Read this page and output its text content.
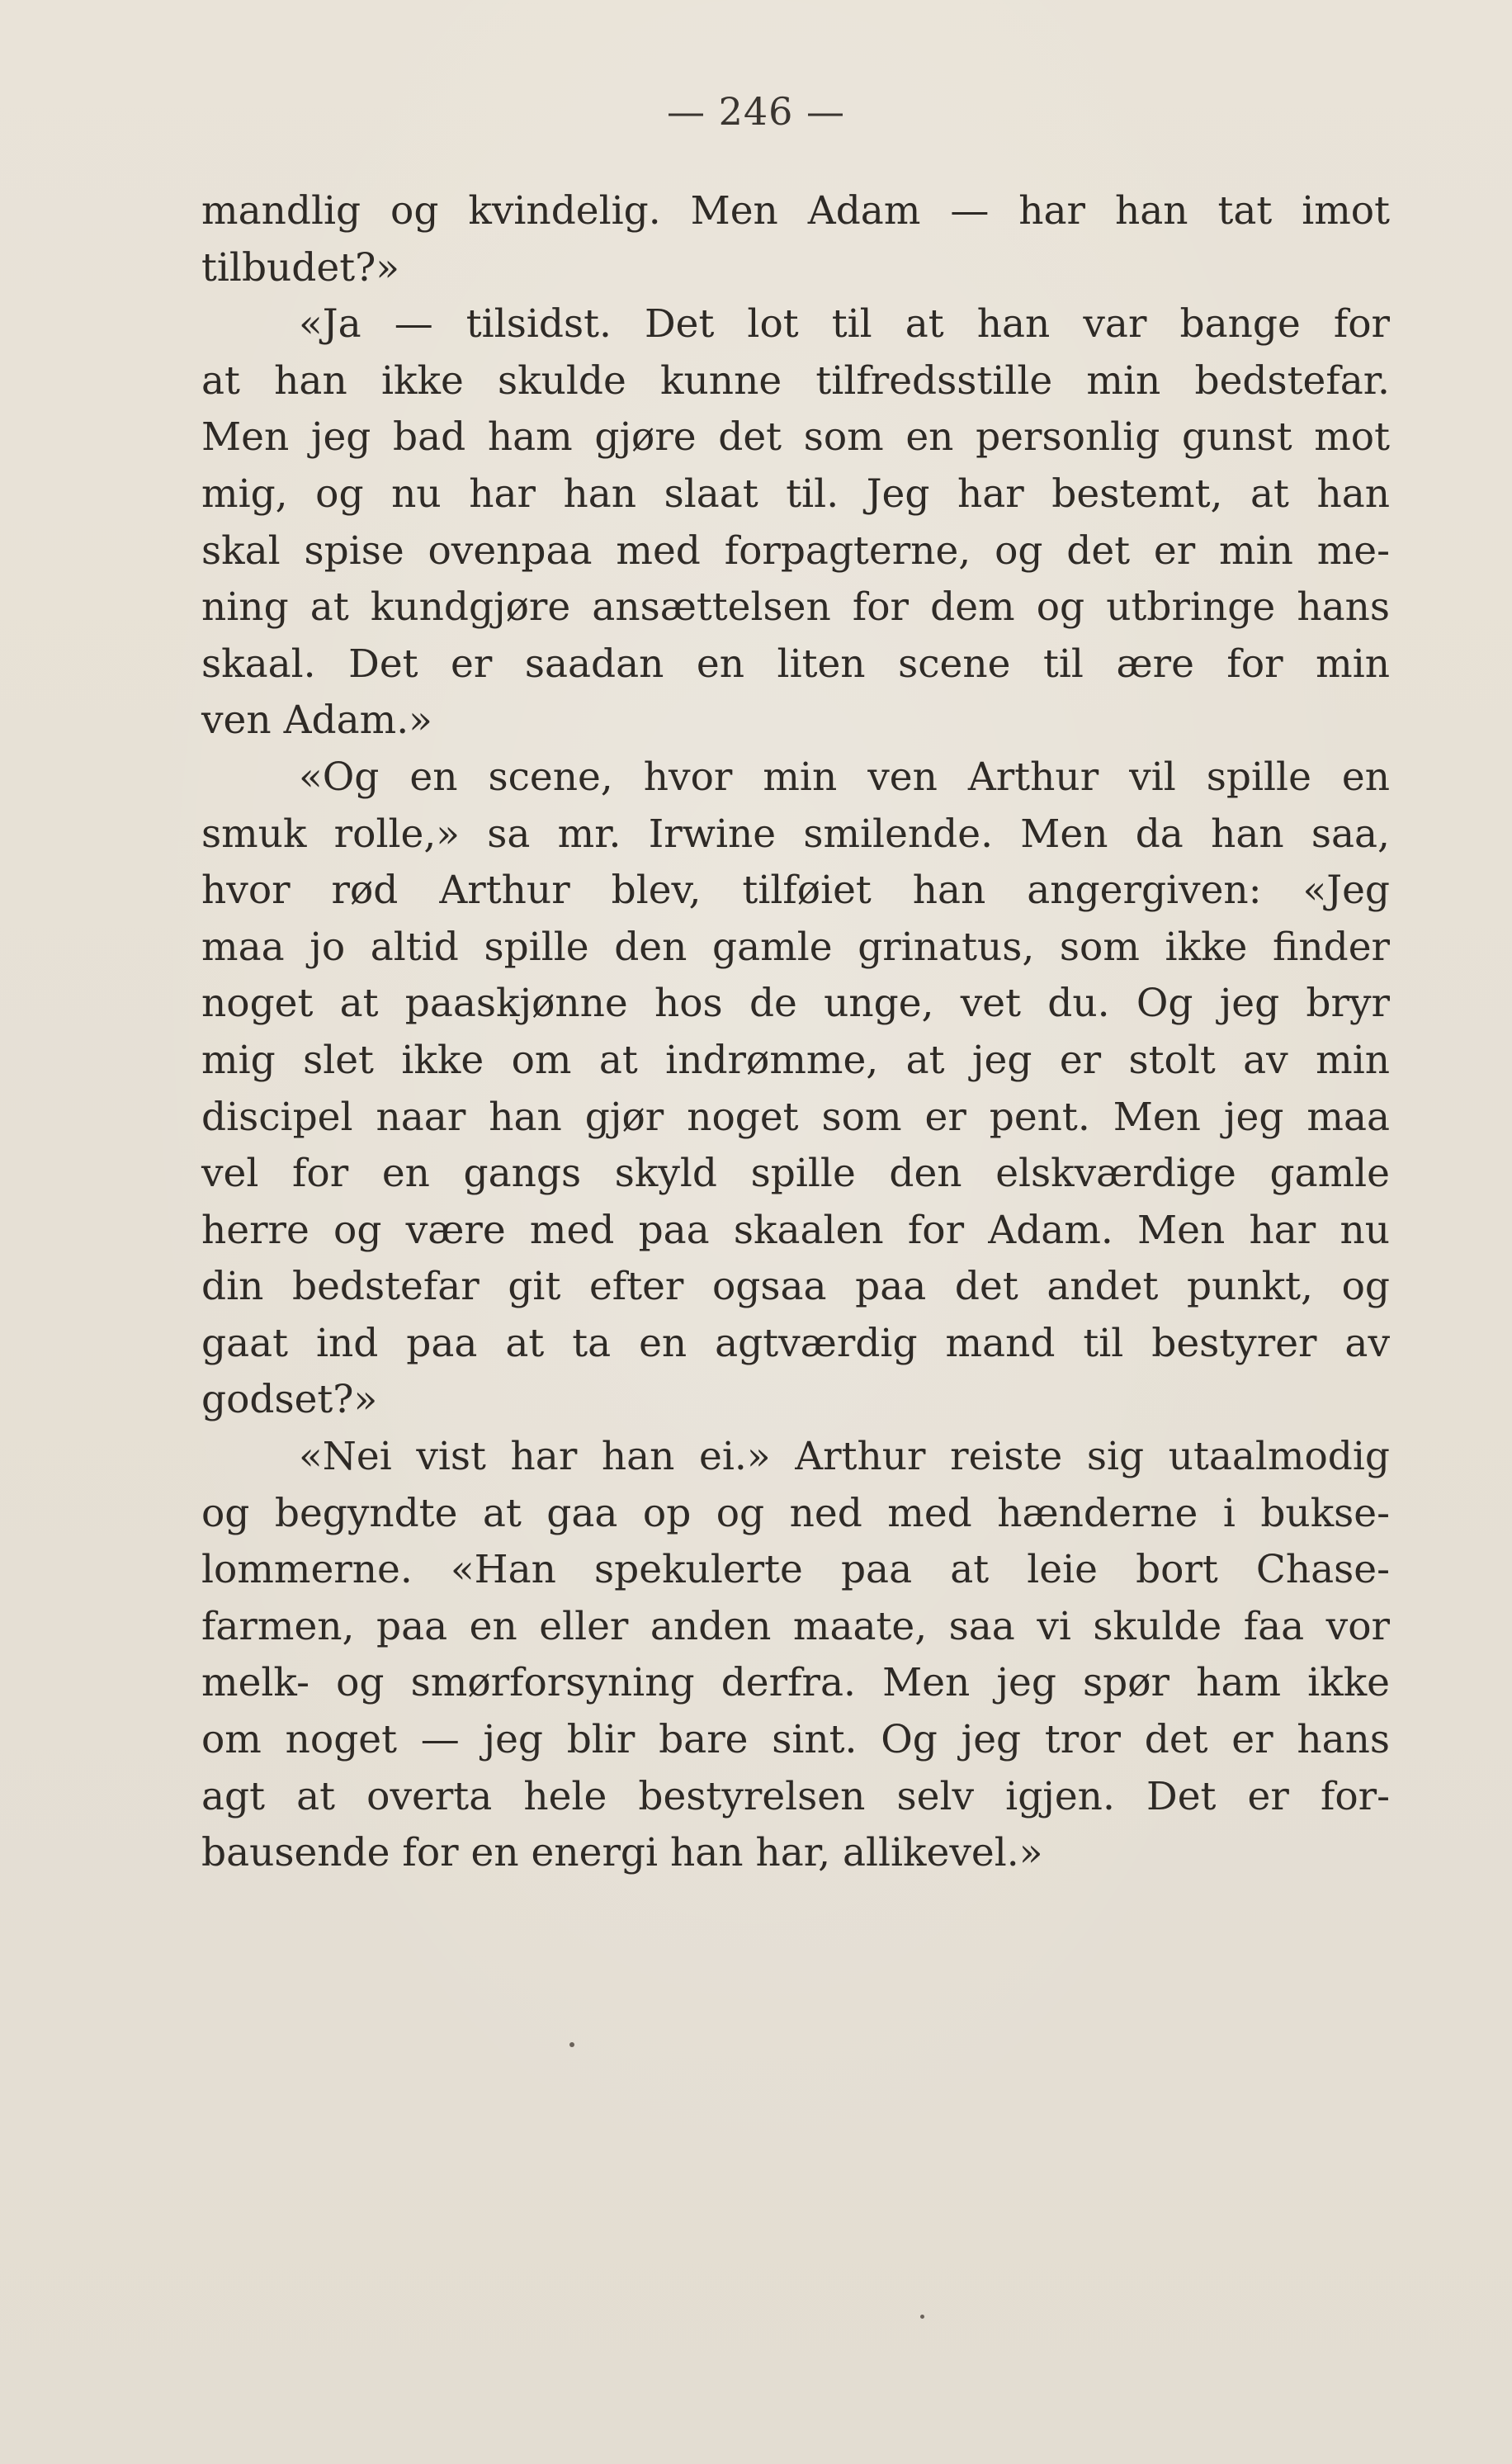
— 246 —
mandlig og kvindelig. Men Adam — har han tat imot
tilbudet?»
«Ja — tilsidst. Det lot til at han var bange for
at han ikke skulde kunne tilfredsstille min bedstefar.
Men jeg bad ham gjøre det som en personlig gunst mot
mig, og nu har han slaat til. Jeg har bestemt, at han
skal spise ovenpaa med forpagterne, og det er min me-
ning at kundgjøre ansættelsen for dem og utbringe hans
skaal. Det er saadan en liten scene til ære for min
ven Adam.»
«Og en scene, hvor min ven Arthur vil spille en
smuk rolle,» sa mr. Irwine smilende. Men da han saa,
hvor rød Arthur blev, tilføiet han angergiven: «Jeg
maa jo altid spille den gamle grinatus, som ikke finder
noget at paaskjønne hos de unge, vet du. Og jeg bryr
mig slet ikke om at indrømme, at jeg er stolt av min
discipel naar han gjør noget som er pent. Men jeg maa
vel for en gangs skyld spille den elskværdige gamle
herre og være med paa skaalen for Adam. Men har nu
din bedstefar git efter ogsaa paa det andet punkt, og
gaat ind paa at ta en agtværdig mand til bestyrer av
godset?»
«Nei vist har han ei.» Arthur reiste sig utaalmodig
og begyndte at gaa op og ned med hænderne i bukse-
lommerne. «Han spekulerte paa at leie bort Chase-
farmen, paa en eller anden maate, saa vi skulde faa vor
melk- og smørforsyning derfra. Men jeg spør ham ikke
om noget — jeg blir bare sint. Og jeg tror det er hans
agt at overta hele bestyrelsen selv igjen. Det er for-
bausende for en energi han har, allikevel.»
